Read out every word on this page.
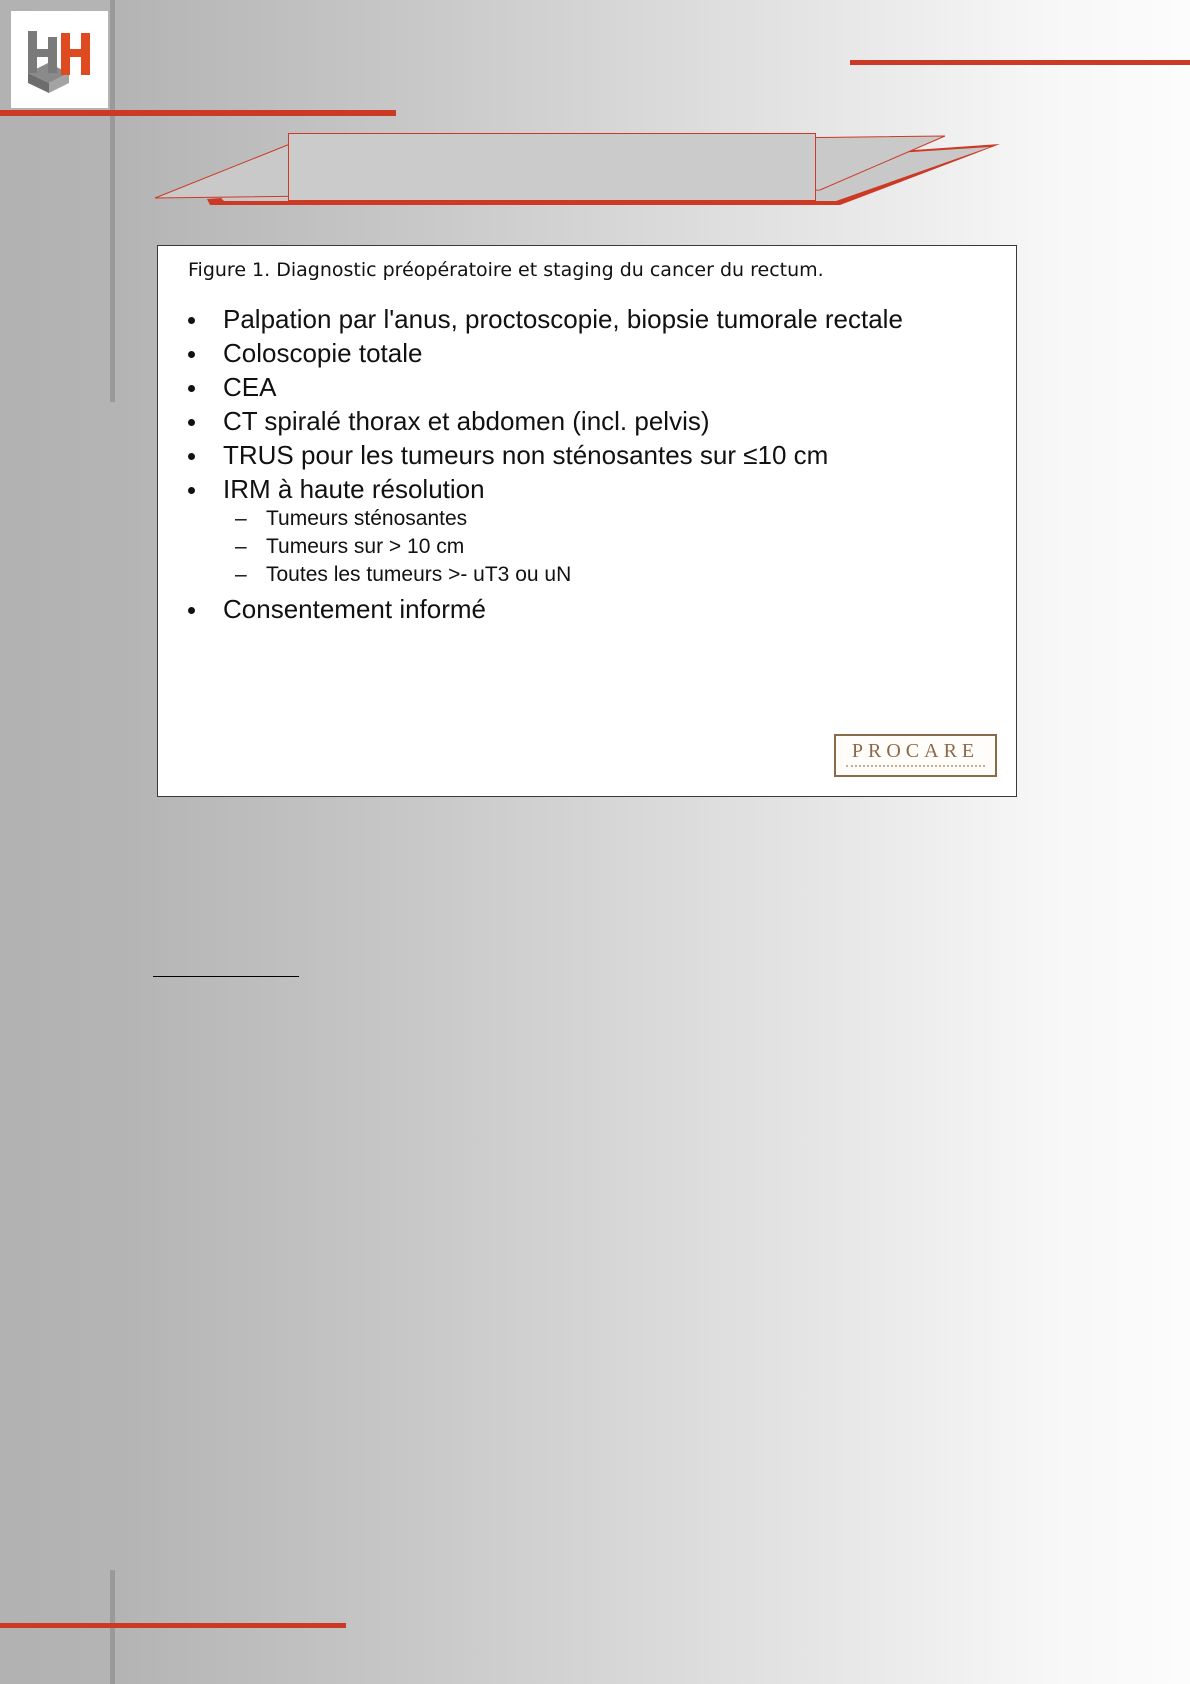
Figure 1. Diagnostic préopératoire et staging du cancer du rectum.
Palpation par l'anus, proctoscopie, biopsie tumorale rectale
Coloscopie totale
CEA
CT spiralé thorax et abdomen (incl. pelvis)
TRUS pour les tumeurs non sténosantes sur ≤10 cm
IRM à haute résolution
– Tumeurs sténosantes
– Tumeurs sur > 10 cm
– Toutes les tumeurs >- uT3 ou uN
Consentement informé
PROCARE
